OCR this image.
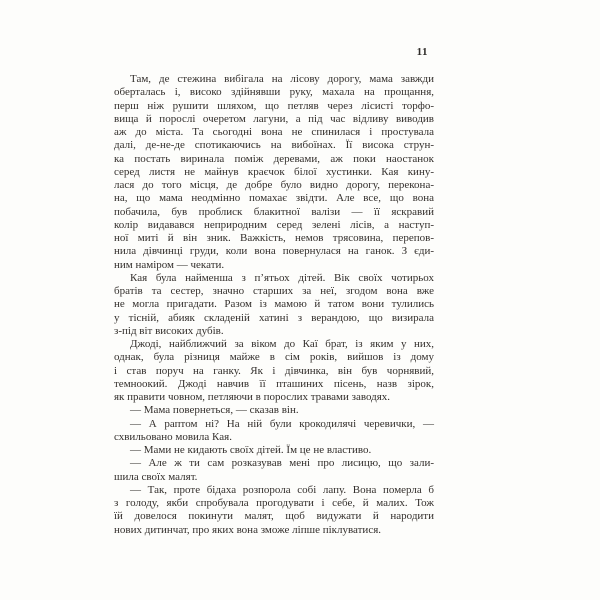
11
Там, де стежина вибігала на лісову дорогу, мама завжди
оберталась і, високо здійнявши руку, махала на прощання,
перш ніж рушити шляхом, що петляв через лісисті торфо-
вища й порослі очеретом лагуни, а під час відливу виводив
аж до міста. Та сьогодні вона не спинилася і простувала
далі, де-не-де спотикаючись на вибоїнах. Її висока струн-
ка постать виринала поміж деревами, аж поки наостанок
серед листя не майнув краєчок білої хустинки. Кая кину-
лася до того місця, де добре було видно дорогу, перекона-
на, що мама неодмінно помахає звідти. Але все, що вона
побачила, був проблиск блакитної валізи — її яскравий
колір видавався неприродним серед зелені лісів, а наступ-
ної миті й він зник. Важкість, немов трясовина, перепов-
нила дівчинці груди, коли вона повернулася на ганок. З єди-
ним наміром — чекати.
Кая була найменша з п’ятьох дітей. Вік своїх чотирьох
братів та сестер, значно старших за неї, згодом вона вже
не могла пригадати. Разом із мамою й татом вони тулились
у тісній, абияк складеній хатині з верандою, що визирала
з-під віт високих дубів.
Джоді, найближчий за віком до Каї брат, із яким у них,
однак, була різниця майже в сім років, вийшов із дому
і став поруч на ганку. Як і дівчинка, він був чорнявий,
темноокий. Джоді навчив її пташиних пісень, назв зірок,
як правити човном, петляючи в порослих травами заводях.
— Мама повернеться, — сказав він.
— А раптом ні? На ній були крокодилячі черевички, —
схвильовано мовила Кая.
— Мами не кидають своїх дітей. Їм це не властиво.
— Але ж ти сам розказував мені про лисицю, що зали-
шила своїх малят.
— Так, проте бідаха розпорола собі лапу. Вона померла б
з голоду, якби спробувала прогодувати і себе, й малих. Тож
їй довелося покинути малят, щоб видужати й народити
нових дитинчат, про яких вона зможе ліпше піклуватися.
